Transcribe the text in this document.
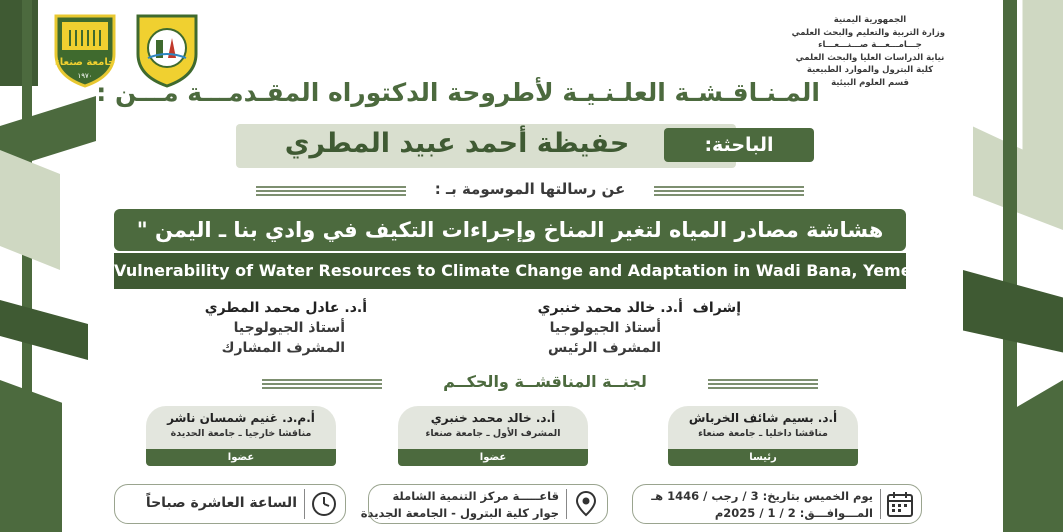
الجمهورية اليمنية
وزارة التربية والتعليم والبحث العلمي
جـــامـــعـــة صـــنـــعـــاء
نيابة الدراسات العليا والبحث العلمي
كلية البترول والموارد الطبيعية
قسم العلوم البيئية
جامعة صنعاء
١٩٧٠
المـنـاقـشـة العلـنـيـة لأطروحة الدكتوراه المقـدمـــة مـــن :
حفيظة أحمد عبيد المطري	الباحثة:
عن رسالتها الموسومة بـ :
هشاشة مصادر المياه لتغير المناخ وإجراءات التكيف في وادي بنا ـ اليمن "
Vulnerability of Water Resources to Climate Change and Adaptation in Wadi Bana, Yemen.
إشراف  أ.د. خالد محمد خنبري
أستاذ الجيولوجيا
المشرف الرئيس
أ.د. عادل محمد المطري
أستاذ الجيولوجيا
المشرف المشارك
لجنــة المناقشــة والحكــم
أ.د. بسيم شائف الخرباش
مناقشا داخليا ـ جامعة صنعاء
رئيسا
أ.د. خالد محمد خنبري
المشرف الأول ـ جامعة صنعاء
عضوا
أ.م.د. غنيم شمسان ناشر
مناقشا خارجيا ـ جامعة الحديدة
عضوا
يوم الخميس بتاريخ: 3 / رجب / 1446 هـ
المـــوافـــق: 2 / 1 / 2025م
قاعـــــة مركز التنمية الشاملة
جوار كلية البترول - الجامعة الجديدة
الساعة العاشرة صباحاً
